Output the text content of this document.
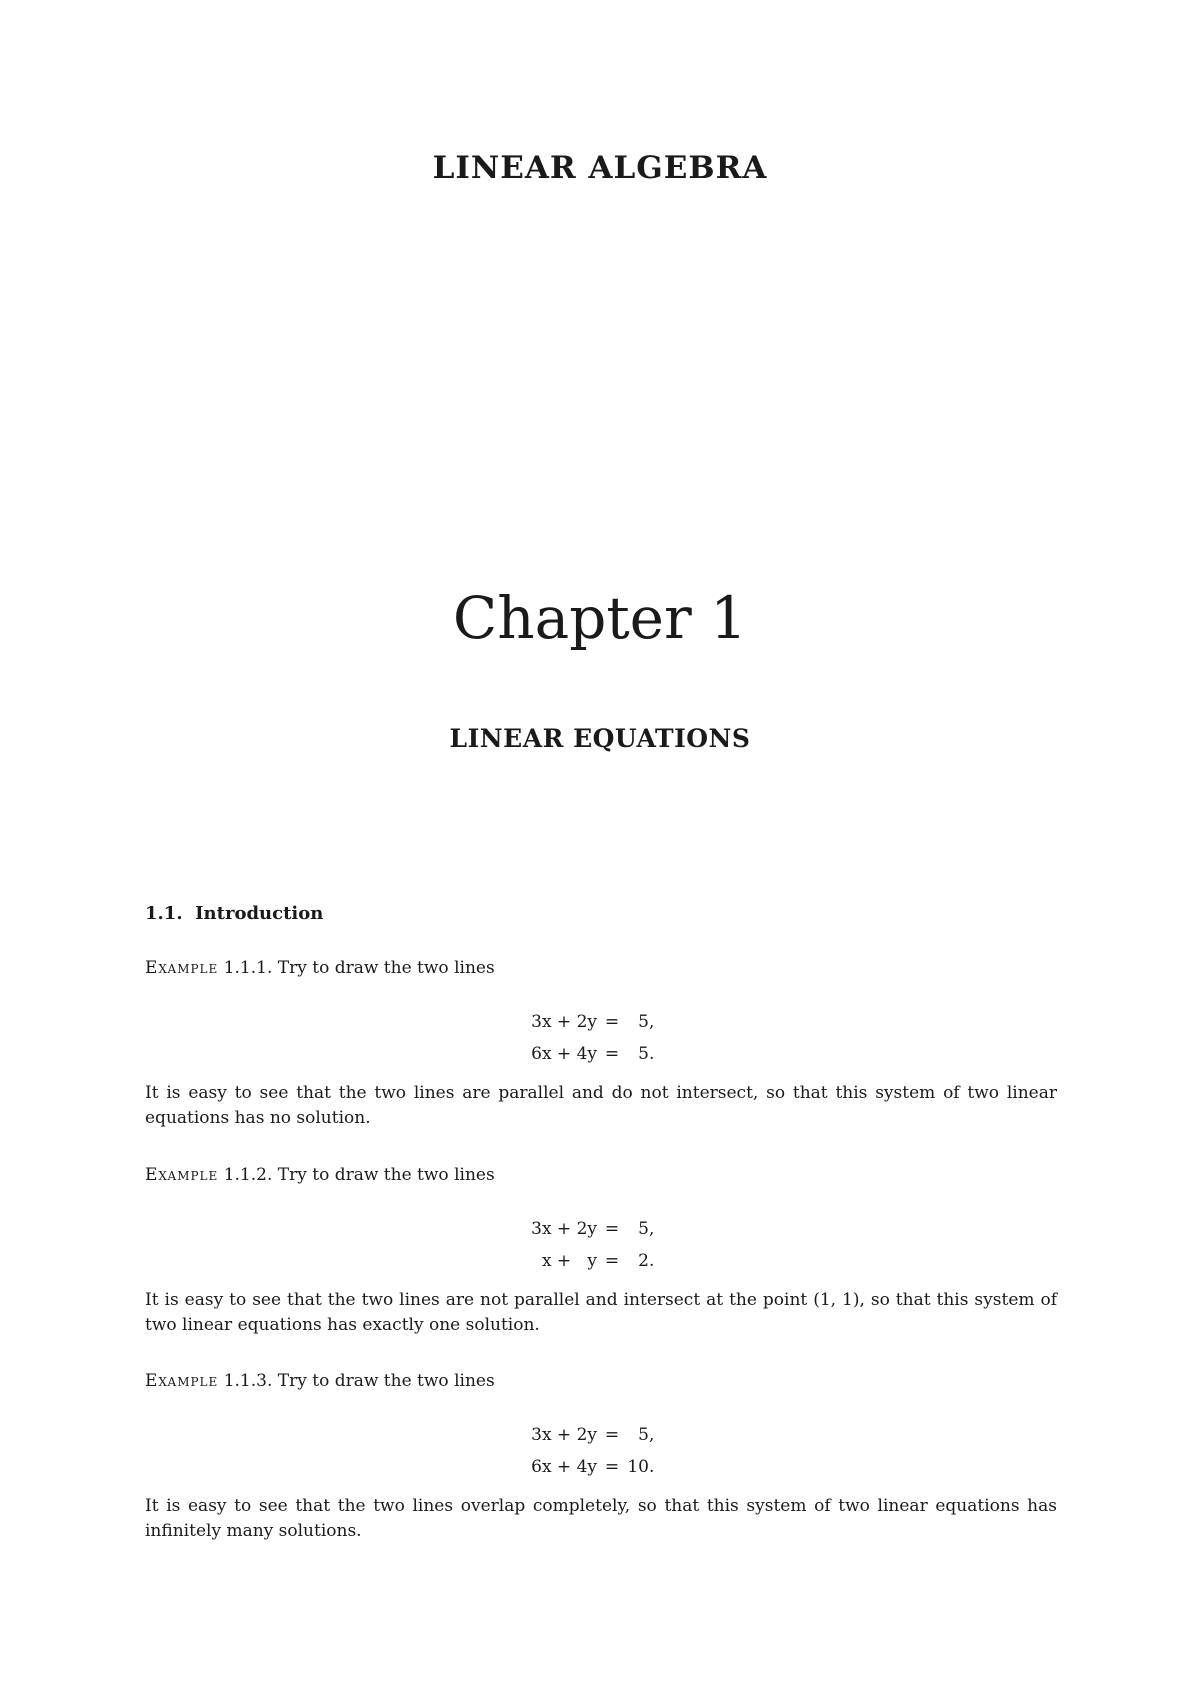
LINEAR ALGEBRA
Chapter 1
LINEAR EQUATIONS
1.1. Introduction
Example 1.1.1. Try to draw the two lines
3x + 2y =	5,
6x + 4y =	5.
It is easy to see that the two lines are parallel and do not intersect, so that this system of two linear equations has no solution.
Example 1.1.2. Try to draw the two lines
3x + 2y =	5,
x +   y =	2.
It is easy to see that the two lines are not parallel and intersect at the point (1, 1), so that this system of two linear equations has exactly one solution.
Example 1.1.3. Try to draw the two lines
3x + 2y =	5,
6x + 4y = 10.
It is easy to see that the two lines overlap completely, so that this system of two linear equations has infinitely many solutions.
